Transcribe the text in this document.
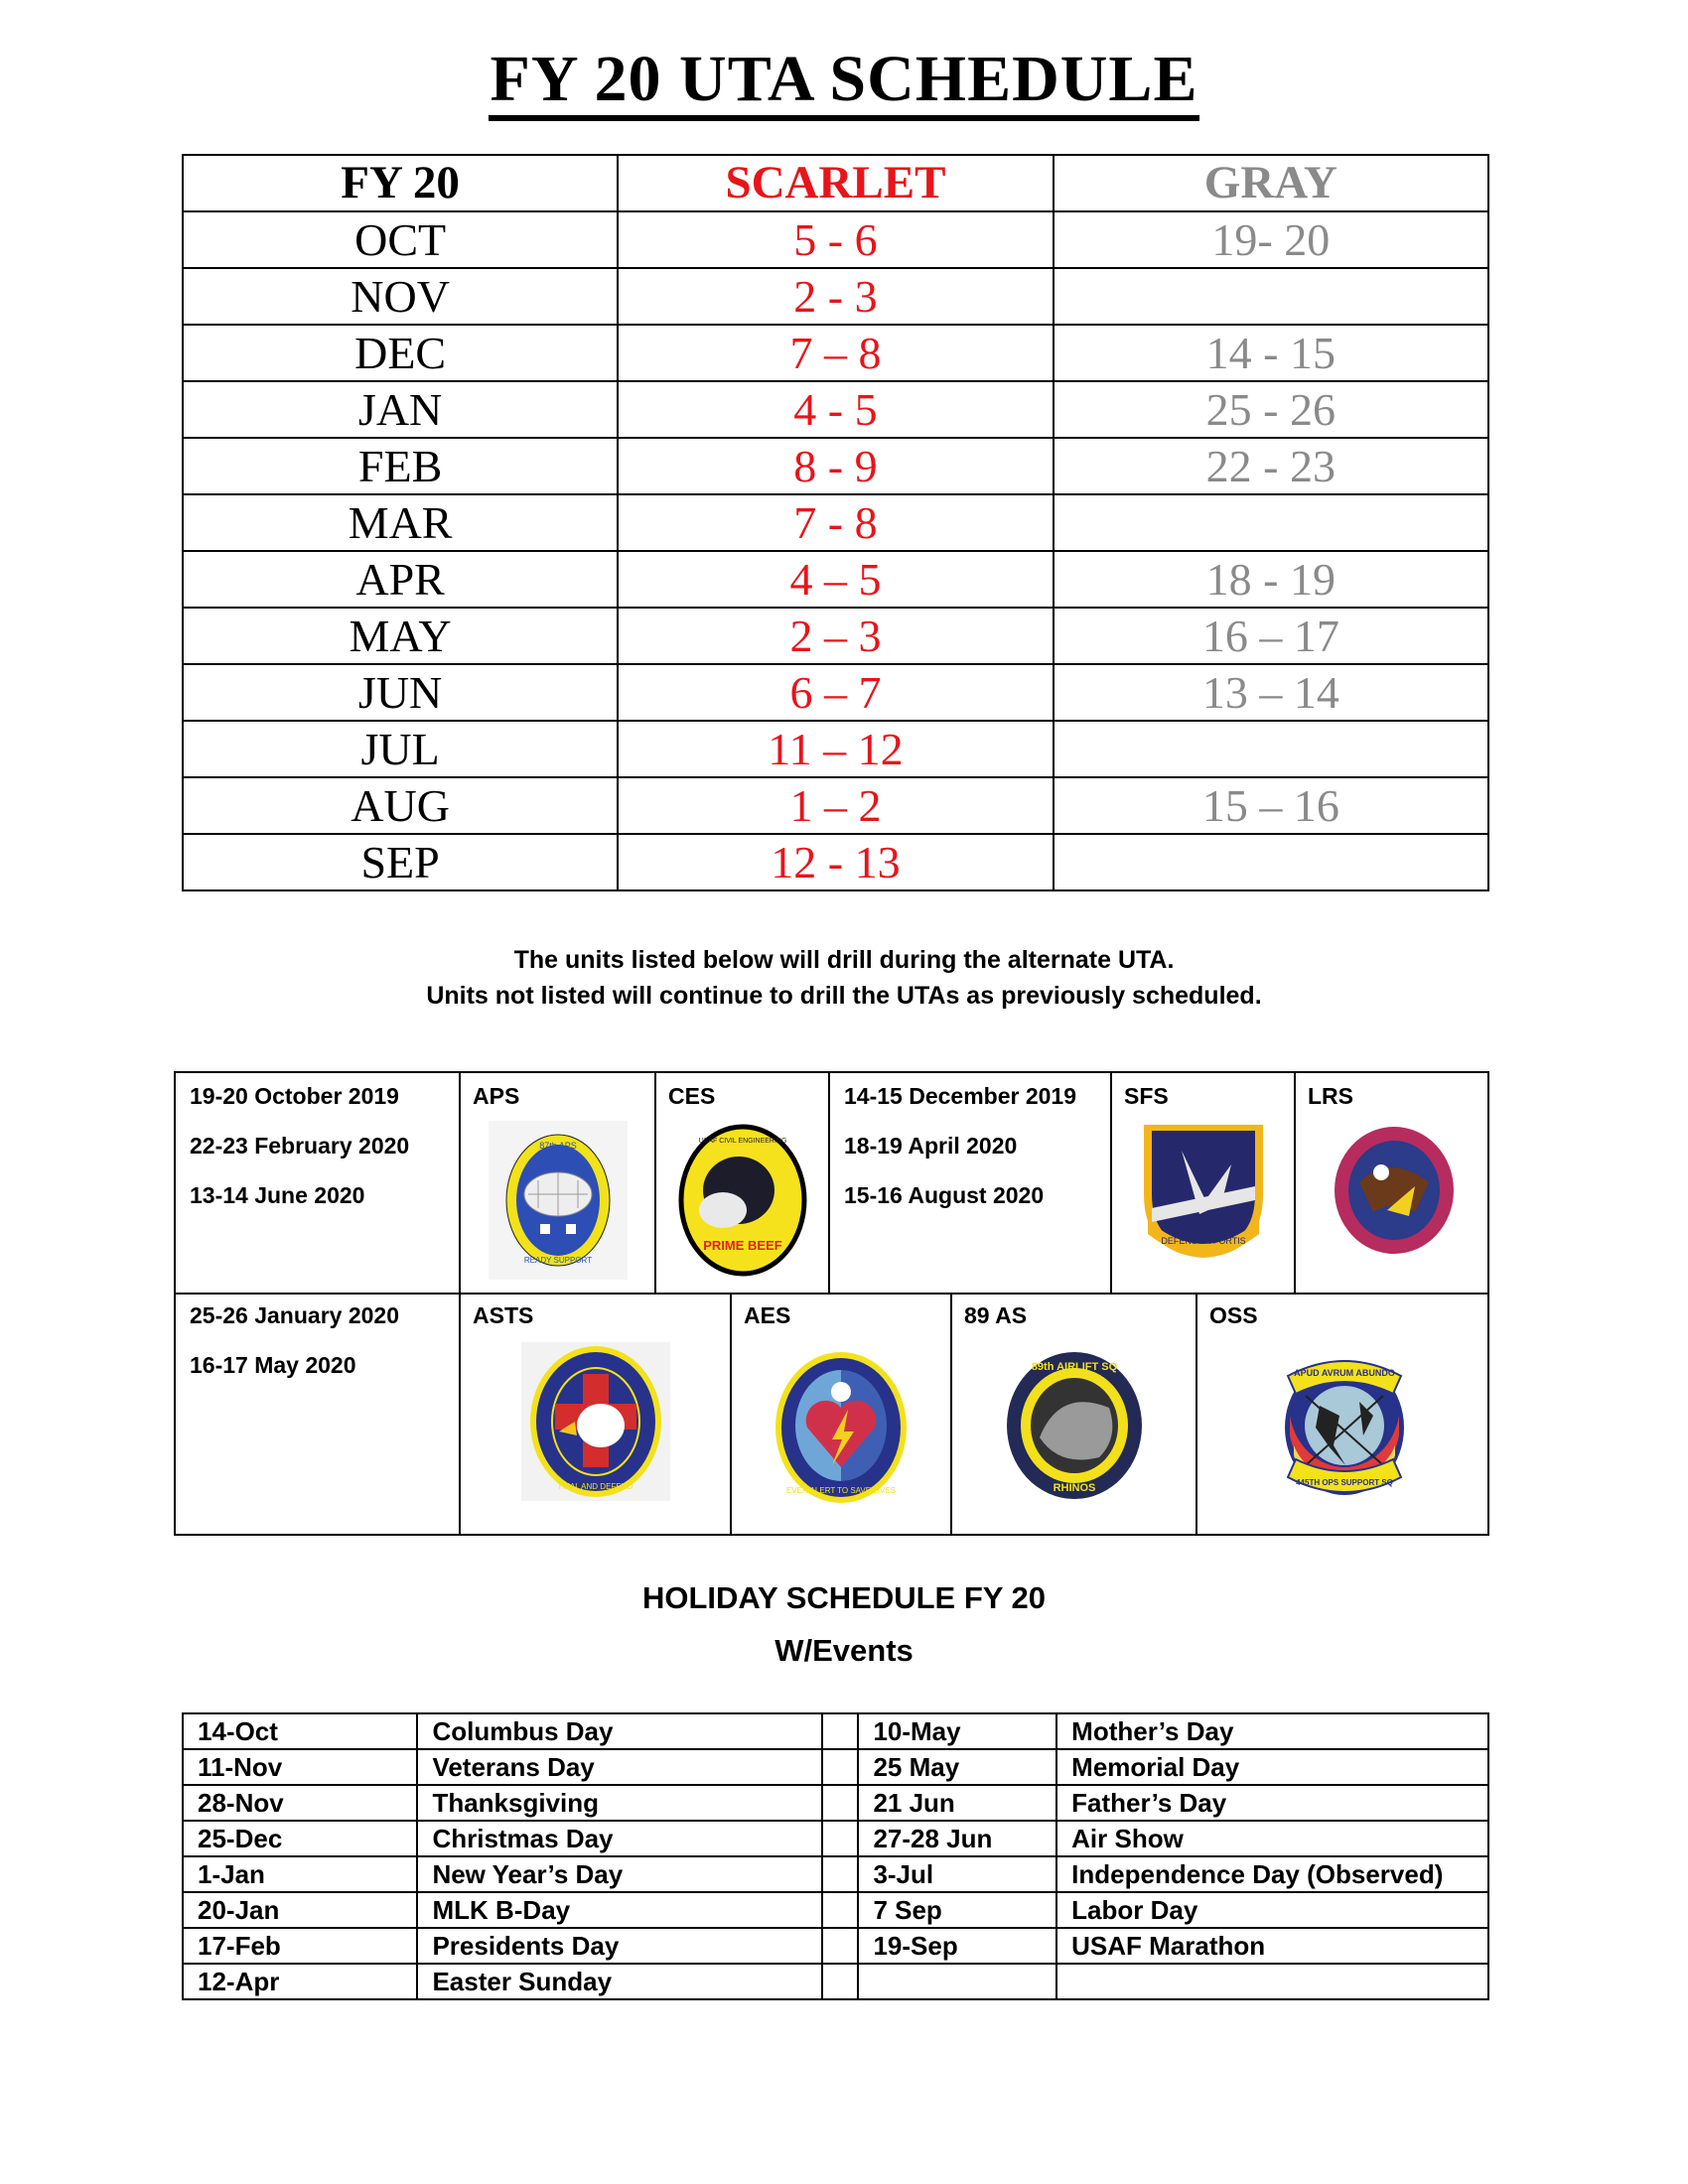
FY 20 UTA SCHEDULE
FY 20	SCARLET	GRAY
OCT	5 - 6	19- 20
NOV	2 - 3	
DEC	7 – 8	14 - 15
JAN	4 - 5	25 - 26
FEB	8 - 9	22 - 23
MAR	7 - 8	
APR	4 – 5	18 - 19
MAY	2 – 3	16 – 17
JUN	6 – 7	13 – 14
JUL	11 – 12	
AUG	1 – 2	15 – 16
SEP	12 - 13	
The units listed below will drill during the alternate UTA.
Units not listed will continue to drill the UTAs as previously scheduled.
19-20 October 2019
22-23 February 2020
13-14 June 2020
APS
87th APS
READY SUPPORT
CES
PRIME BEEF
USAF CIVIL ENGINEERING
14-15 December 2019
18-19 April 2020
15-16 August 2020
SFS
DEFENSOR FORTIS
LRS
25-26 January 2020
16-17 May 2020
ASTS
HEAL AND DEFEND
AES
EVER ALERT TO SAVE LIVES
89 AS
89th AIRLIFT SQ
RHINOS
OSS
APUD AVRUM ABUNDO
445TH OPS SUPPORT SQ
HOLIDAY SCHEDULE FY 20
W/Events
14-Oct	Columbus Day		10-May	Mother’s Day
11-Nov	Veterans Day		25 May	Memorial Day
28-Nov	Thanksgiving		21 Jun	Father’s Day
25-Dec	Christmas Day		27-28 Jun	Air Show
1-Jan	New Year’s Day		3-Jul	Independence Day (Observed)
20-Jan	MLK B-Day		7 Sep	Labor Day
17-Feb	Presidents Day		19-Sep	USAF Marathon
12-Apr	Easter Sunday			
